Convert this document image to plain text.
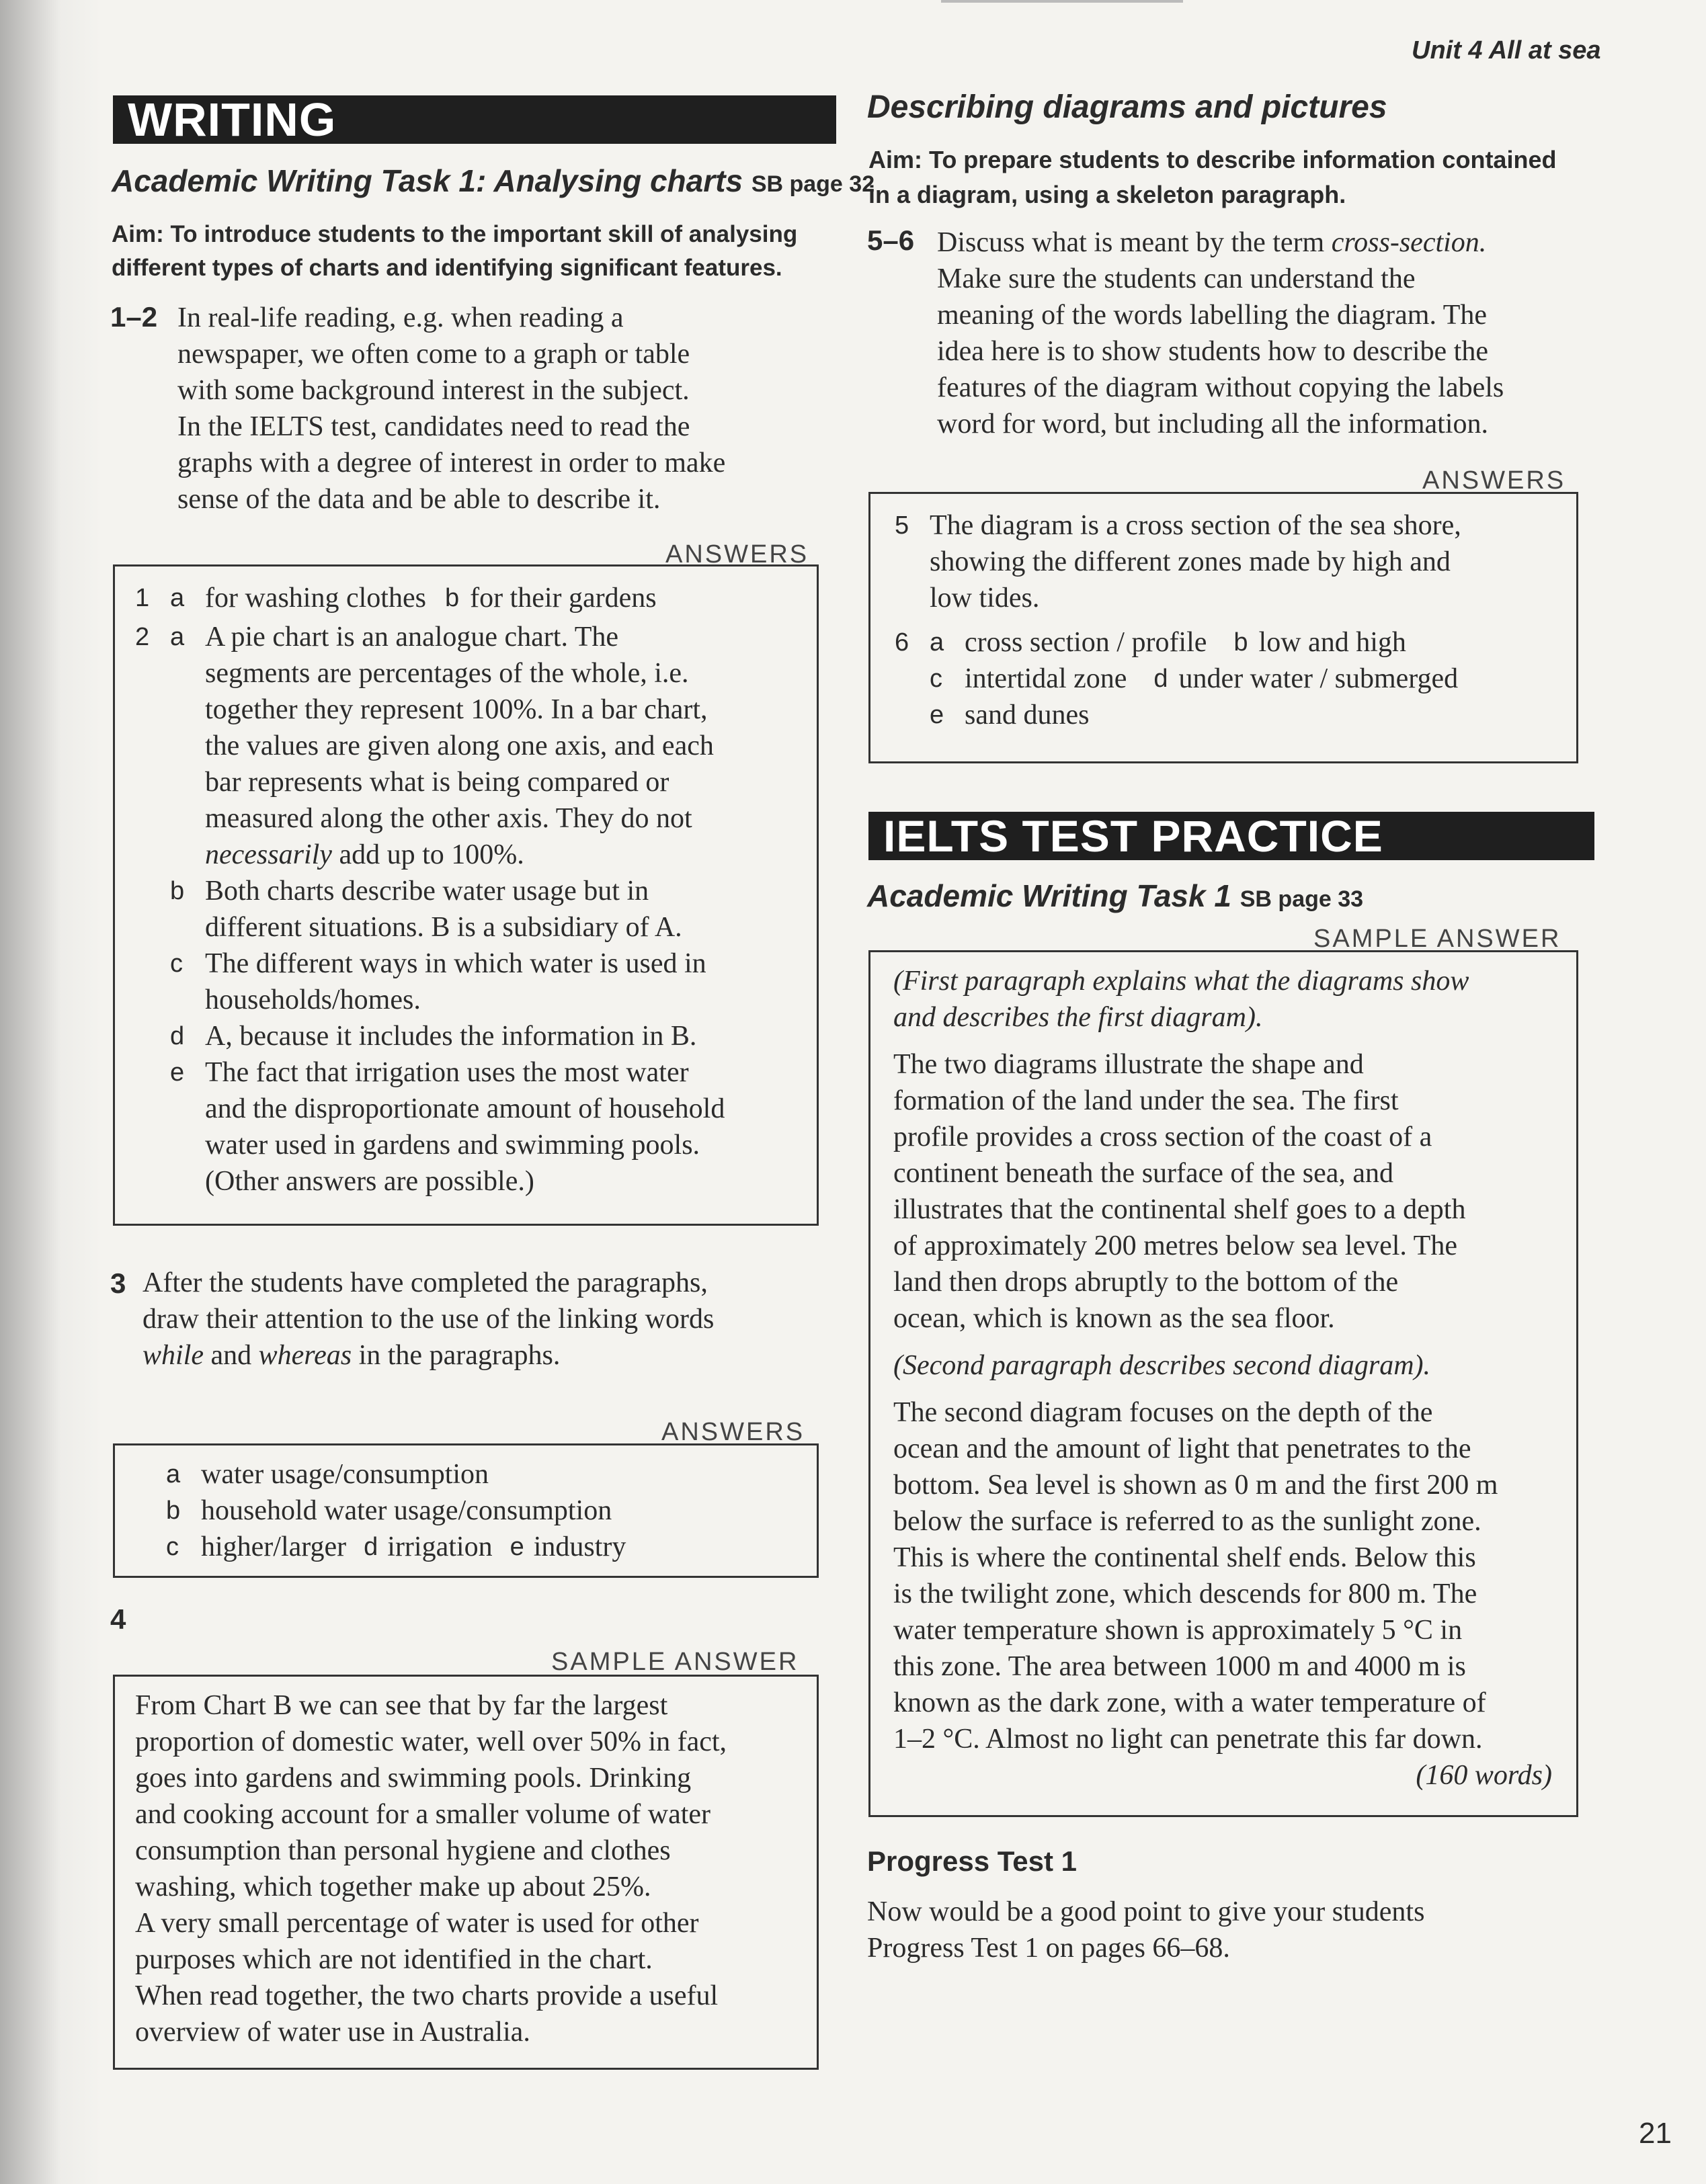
Unit 4 All at sea
WRITING
Academic Writing Task 1: Analysing charts SB page 32
Aim: To introduce students to the important skill of analysing different types of charts and identifying significant features.
1–2 In real-life reading, e.g. when reading a
newspaper, we often come to a graph or table
with some background interest in the subject.
In the IELTS test, candidates need to read the
graphs with a degree of interest in order to make
sense of the data and be able to describe it.
ANSWERS
1 a for washing clothes b for their gardens
2 a A pie chart is an analogue chart. The
segments are percentages of the whole, i.e.
together they represent 100%. In a bar chart,
the values are given along one axis, and each
bar represents what is being compared or
measured along the other axis. They do not
necessarily add up to 100%.
b Both charts describe water usage but in
different situations. B is a subsidiary of A.
c The different ways in which water is used in
households/homes.
d A, because it includes the information in B.
e The fact that irrigation uses the most water
and the disproportionate amount of household
water used in gardens and swimming pools.
(Other answers are possible.)
3 After the students have completed the paragraphs,
draw their attention to the use of the linking words
while and whereas in the paragraphs.
ANSWERS
a water usage/consumption
b household water usage/consumption
c higher/larger d irrigation e industry
4
SAMPLE ANSWER
From Chart B we can see that by far the largest
proportion of domestic water, well over 50% in fact,
goes into gardens and swimming pools. Drinking
and cooking account for a smaller volume of water
consumption than personal hygiene and clothes
washing, which together make up about 25%.
A very small percentage of water is used for other
purposes which are not identified in the chart.
When read together, the two charts provide a useful
overview of water use in Australia.
Describing diagrams and pictures
Aim: To prepare students to describe information contained in a diagram, using a skeleton paragraph.
5–6 Discuss what is meant by the term cross-section.
Make sure the students can understand the
meaning of the words labelling the diagram. The
idea here is to show students how to describe the
features of the diagram without copying the labels
word for word, but including all the information.
ANSWERS
5 The diagram is a cross section of the sea shore,
showing the different zones made by high and
low tides.
6 a cross section / profile b low and high
c intertidal zone d under water / submerged
e sand dunes
IELTS TEST PRACTICE
Academic Writing Task 1 SB page 33
SAMPLE ANSWER
(First paragraph explains what the diagrams show
and describes the first diagram).
The two diagrams illustrate the shape and
formation of the land under the sea. The first
profile provides a cross section of the coast of a
continent beneath the surface of the sea, and
illustrates that the continental shelf goes to a depth
of approximately 200 metres below sea level. The
land then drops abruptly to the bottom of the
ocean, which is known as the sea floor.
(Second paragraph describes second diagram).
The second diagram focuses on the depth of the
ocean and the amount of light that penetrates to the
bottom. Sea level is shown as 0 m and the first 200 m
below the surface is referred to as the sunlight zone.
This is where the continental shelf ends. Below this
is the twilight zone, which descends for 800 m. The
water temperature shown is approximately 5 °C in
this zone. The area between 1000 m and 4000 m is
known as the dark zone, with a water temperature of
1–2 °C. Almost no light can penetrate this far down.
(160 words)
Progress Test 1
Now would be a good point to give your students
Progress Test 1 on pages 66–68.
21
